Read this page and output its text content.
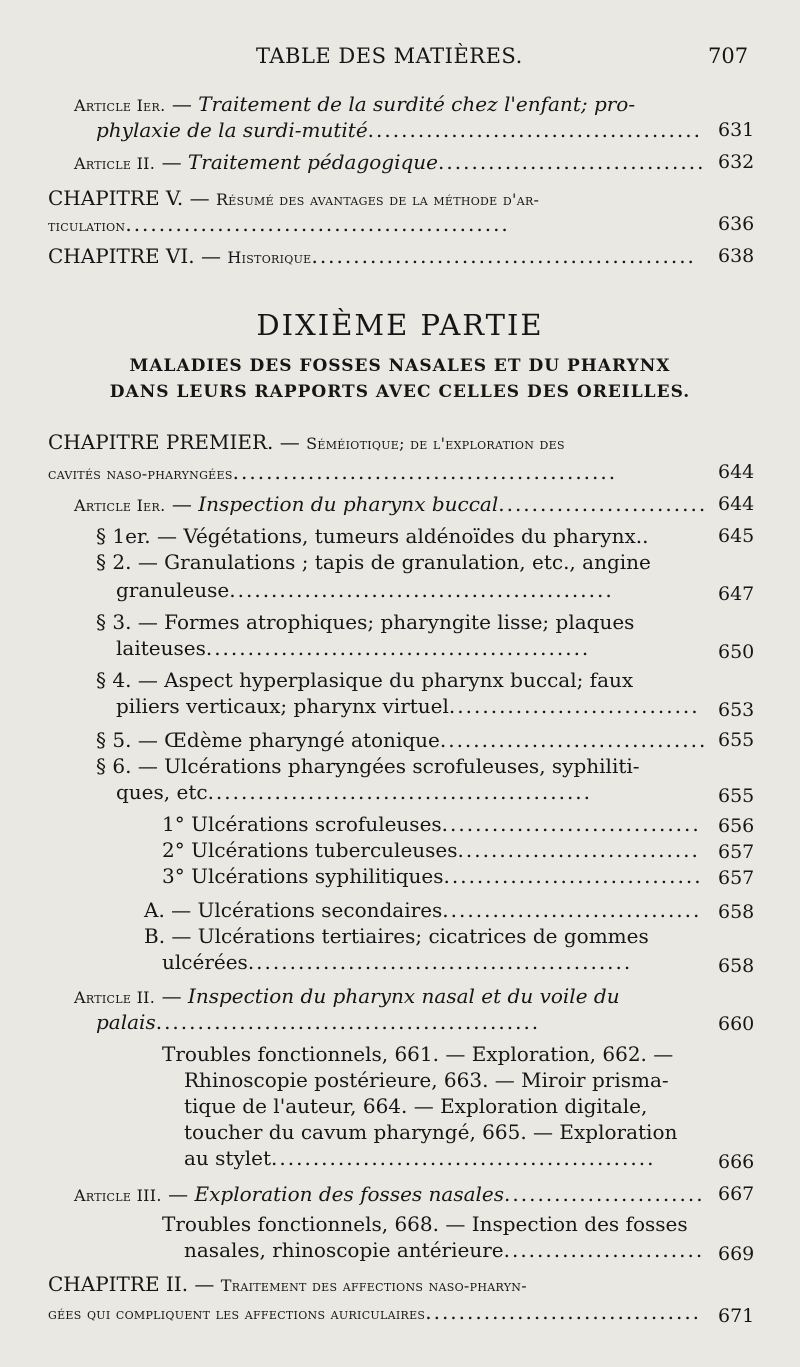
TABLE DES MATIÈRES.	707
Article Ier. — Traitement de la surdité chez l'enfant; pro-
phylaxie de la surdi-mutité........................................ 631
Article II. — Traitement pédagogique................................ 632
CHAPITRE V. — Résumé des avantages de la méthode d'ar-
ticulation..............................................	636
CHAPITRE VI. — Historique.............................................. 638
DIXIÈME PARTIE
MALADIES DES FOSSES NASALES ET DU PHARYNX
DANS LEURS RAPPORTS AVEC CELLES DES OREILLES.
CHAPITRE PREMIER. — Séméiotique; de l'exploration des
cavités naso-pharyngées..............................................	644
Article Ier. — Inspection du pharynx buccal......................... 644
§ 1er. — Végétations, tumeurs aldénoïdes du pharynx..	645
§ 2. — Granulations ; tapis de granulation, etc., angine
granuleuse..............................................	647
§ 3. — Formes atrophiques; pharyngite lisse; plaques
laiteuses..............................................	650
§ 4. — Aspect hyperplasique du pharynx buccal; faux
piliers verticaux; pharynx virtuel.............................. 653
§ 5. — Œdème pharyngé atonique................................ 655
§ 6. — Ulcérations pharyngées scrofuleuses, syphiliti-
ques, etc..............................................	655
1° Ulcérations scrofuleuses............................... 656
2° Ulcérations tuberculeuses............................. 657
3° Ulcérations syphilitiques............................... 657
A. — Ulcérations secondaires............................... 658
B. — Ulcérations tertiaires; cicatrices de gommes
ulcérées..............................................	658
Article II. — Inspection du pharynx nasal et du voile du
palais..............................................	660
Troubles fonctionnels, 661. — Exploration, 662. —
Rhinoscopie postérieure, 663. — Miroir prisma-
tique de l'auteur, 664. — Exploration digitale,
toucher du cavum pharyngé, 665. — Exploration
au stylet..............................................	666
Article III. — Exploration des fosses nasales........................ 667
Troubles fonctionnels, 668. — Inspection des fosses
nasales, rhinoscopie antérieure........................ 669
CHAPITRE II. — Traitement des affections naso-pharyn-
gées qui compliquent les affections auriculaires................................. 671
